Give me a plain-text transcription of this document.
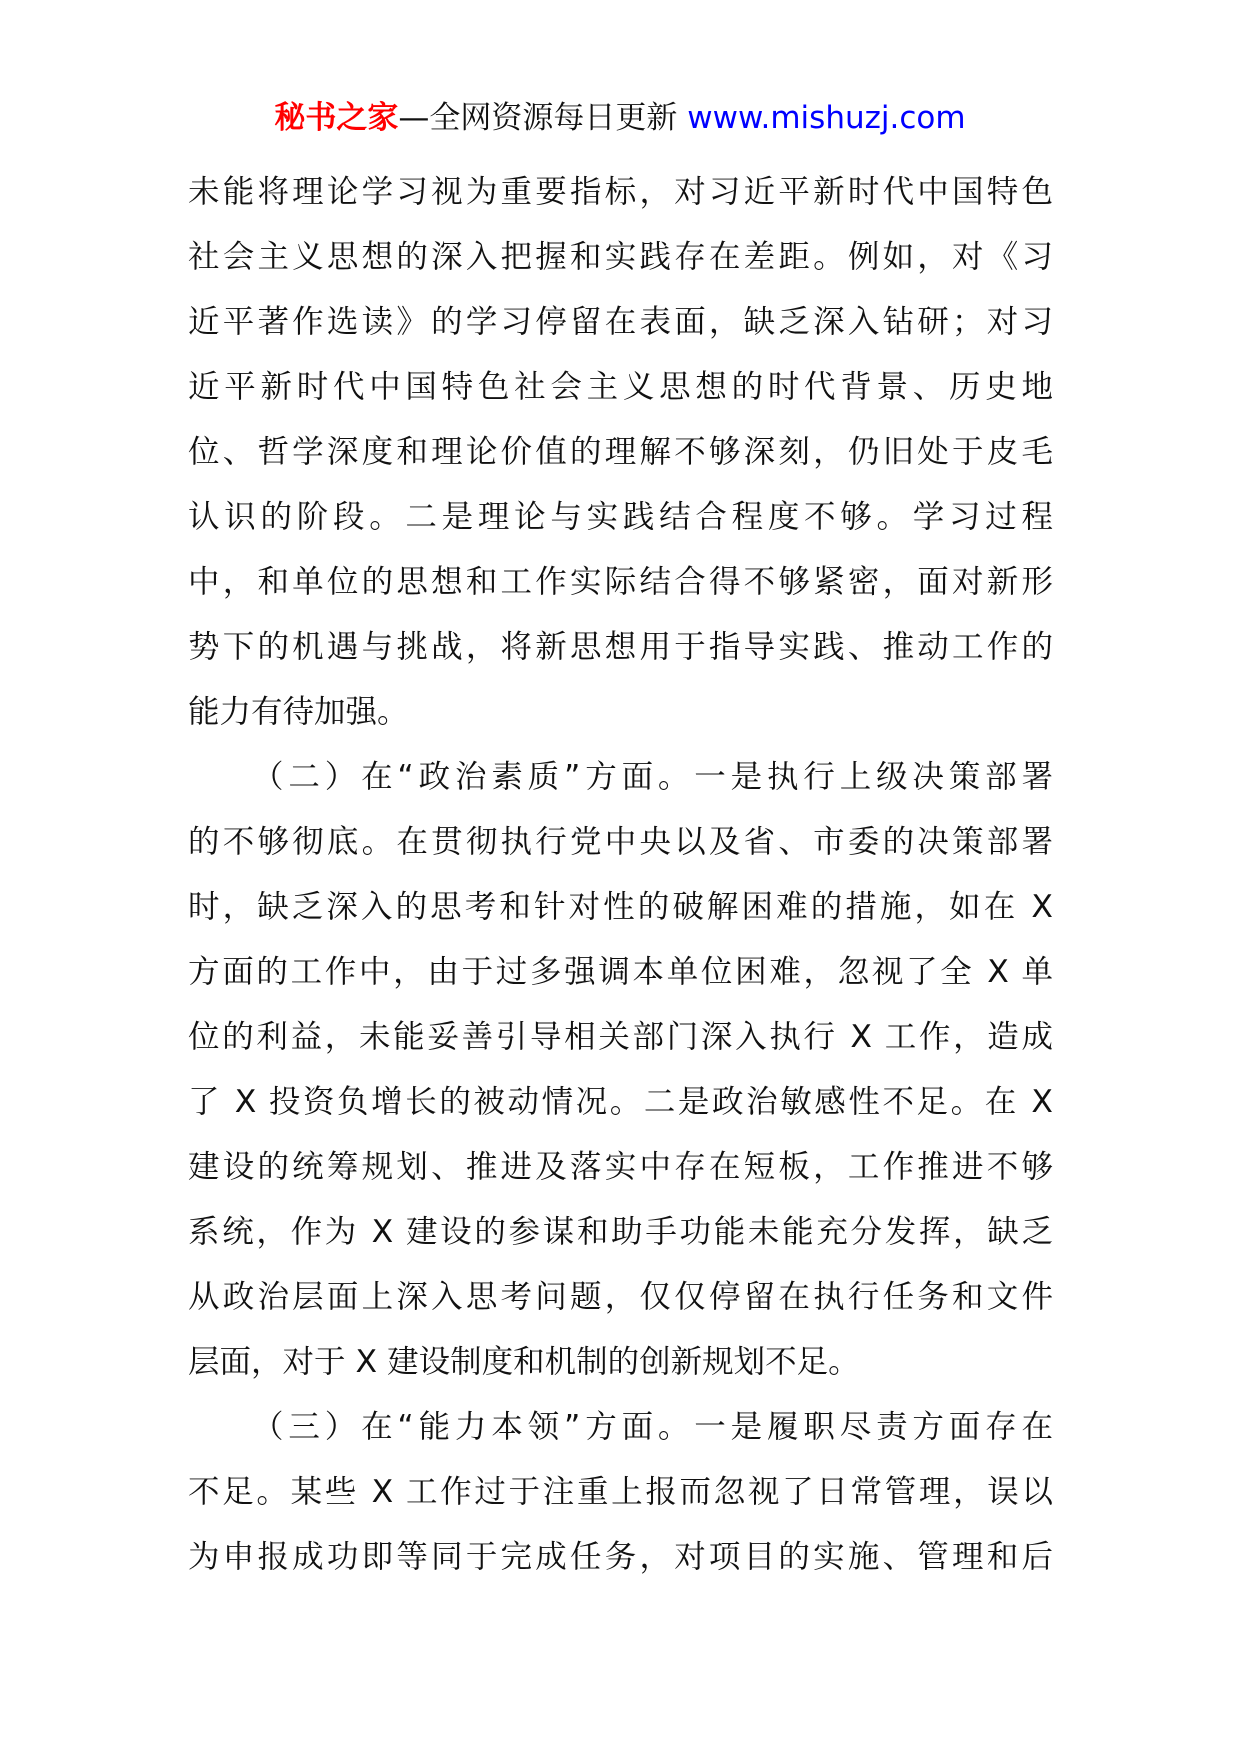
秘书之家—全网资源每日更新 www.mishuzj.com
未能将理论学习视为重要指标，对习近平新时代中国特色
社会主义思想的深入把握和实践存在差距。例如，对《习
近平著作选读》的学习停留在表面，缺乏深入钻研；对习
近平新时代中国特色社会主义思想的时代背景、历史地
位、哲学深度和理论价值的理解不够深刻，仍旧处于皮毛
认识的阶段。二是理论与实践结合程度不够。学习过程
中，和单位的思想和工作实际结合得不够紧密，面对新形
势下的机遇与挑战，将新思想用于指导实践、推动工作的
能力有待加强。
（二）在“政治素质”方面。一是执行上级决策部署
的不够彻底。在贯彻执行党中央以及省、市委的决策部署
时，缺乏深入的思考和针对性的破解困难的措施，如在 X
方面的工作中，由于过多强调本单位困难，忽视了全 X 单
位的利益，未能妥善引导相关部门深入执行 X 工作，造成
了 X 投资负增长的被动情况。二是政治敏感性不足。在 X
建设的统筹规划、推进及落实中存在短板，工作推进不够
系统，作为 X 建设的参谋和助手功能未能充分发挥，缺乏
从政治层面上深入思考问题，仅仅停留在执行任务和文件
层面，对于 X 建设制度和机制的创新规划不足。
（三）在“能力本领”方面。一是履职尽责方面存在
不足。某些 X 工作过于注重上报而忽视了日常管理，误以
为申报成功即等同于完成任务，对项目的实施、管理和后
